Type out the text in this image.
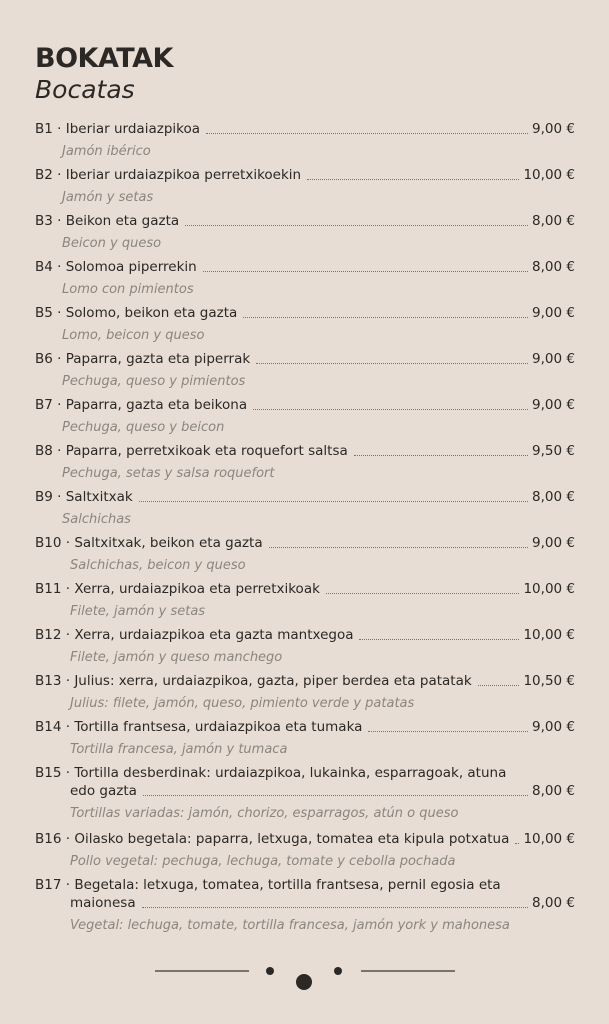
BOKATAK
Bocatas
B1 · Iberiar urdaiazpikoa	9,00 €
Jamón ibérico
B2 · Iberiar urdaiazpikoa perretxikoekin	10,00 €
Jamón y setas
B3 · Beikon eta gazta	8,00 €
Beicon y queso
B4 · Solomoa piperrekin	8,00 €
Lomo con pimientos
B5 · Solomo, beikon eta gazta	9,00 €
Lomo, beicon y queso
B6 · Paparra, gazta eta piperrak	9,00 €
Pechuga, queso y pimientos
B7 · Paparra, gazta eta beikona	9,00 €
Pechuga, queso y beicon
B8 · Paparra, perretxikoak eta roquefort saltsa	9,50 €
Pechuga, setas y salsa roquefort
B9 · Saltxitxak	8,00 €
Salchichas
B10 · Saltxitxak, beikon eta gazta	9,00 €
Salchichas, beicon y queso
B11 · Xerra, urdaiazpikoa eta perretxikoak	10,00 €
Filete, jamón y setas
B12 · Xerra, urdaiazpikoa eta gazta mantxegoa	10,00 €
Filete, jamón y queso manchego
B13 · Julius: xerra, urdaiazpikoa, gazta, piper berdea eta patatak	10,50 €
Julius: filete, jamón, queso, pimiento verde y patatas
B14 · Tortilla frantsesa, urdaiazpikoa eta tumaka	9,00 €
Tortilla francesa, jamón y tumaca
B15 · Tortilla desberdinak: urdaiazpikoa, lukainka, esparragoak, atuna
edo gazta	8,00 €
Tortillas variadas: jamón, chorizo, esparragos, atún o queso
B16 · Oilasko begetala: paparra, letxuga, tomatea eta kipula potxatua 10,00 €
Pollo vegetal: pechuga, lechuga, tomate y cebolla pochada
B17 · Begetala: letxuga, tomatea, tortilla frantsesa, pernil egosia eta
maionesa	8,00 €
Vegetal: lechuga, tomate, tortilla francesa, jamón york y mahonesa
